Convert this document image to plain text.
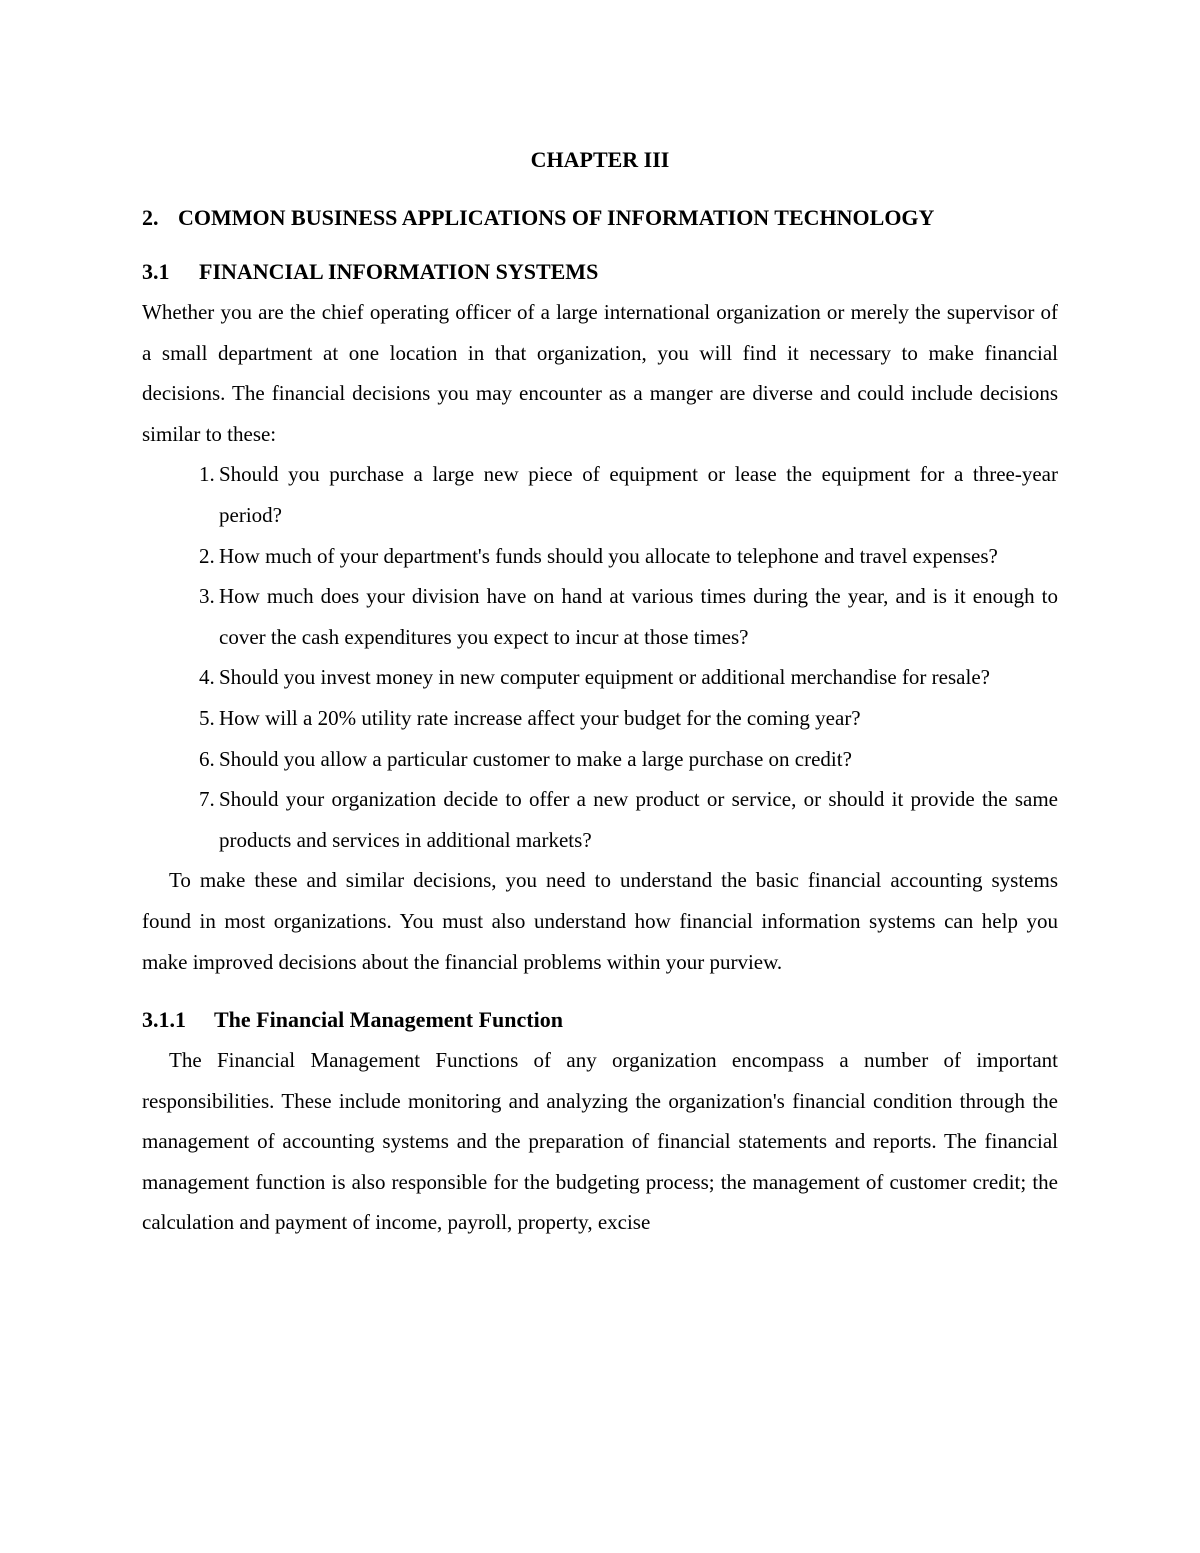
CHAPTER III
2. COMMON BUSINESS APPLICATIONS OF INFORMATION TECHNOLOGY
3.1	FINANCIAL INFORMATION SYSTEMS

Whether you are the chief operating officer of a large international organization or merely the supervisor of a small department at one location in that organization, you will find it necessary to make financial decisions. The financial decisions you may encounter as a manger are diverse and could include decisions similar to these:

1. Should you purchase a large new piece of equipment or lease the equipment for a three-year period?
2. How much of your department's funds should you allocate to telephone and travel expenses?
3. How much does your division have on hand at various times during the year, and is it enough to cover the cash expenditures you expect to incur at those times?
4. Should you invest money in new computer equipment or additional merchandise for resale?
5. How will a 20% utility rate increase affect your budget for the coming year?
6. Should you allow a particular customer to make a large purchase on credit?
7. Should your organization decide to offer a new product or service, or should it provide the same products and services in additional markets?

To make these and similar decisions, you need to understand the basic financial accounting systems found in most organizations. You must also understand how financial information systems can help you make improved decisions about the financial problems within your purview.

3.1.1	The Financial Management Function

The Financial Management Functions of any organization encompass a number of important responsibilities. These include monitoring and analyzing the organization's financial condition through the management of accounting systems and the preparation of financial statements and reports. The financial management function is also responsible for the budgeting process; the management of customer credit; the calculation and payment of income, payroll, property, excise
